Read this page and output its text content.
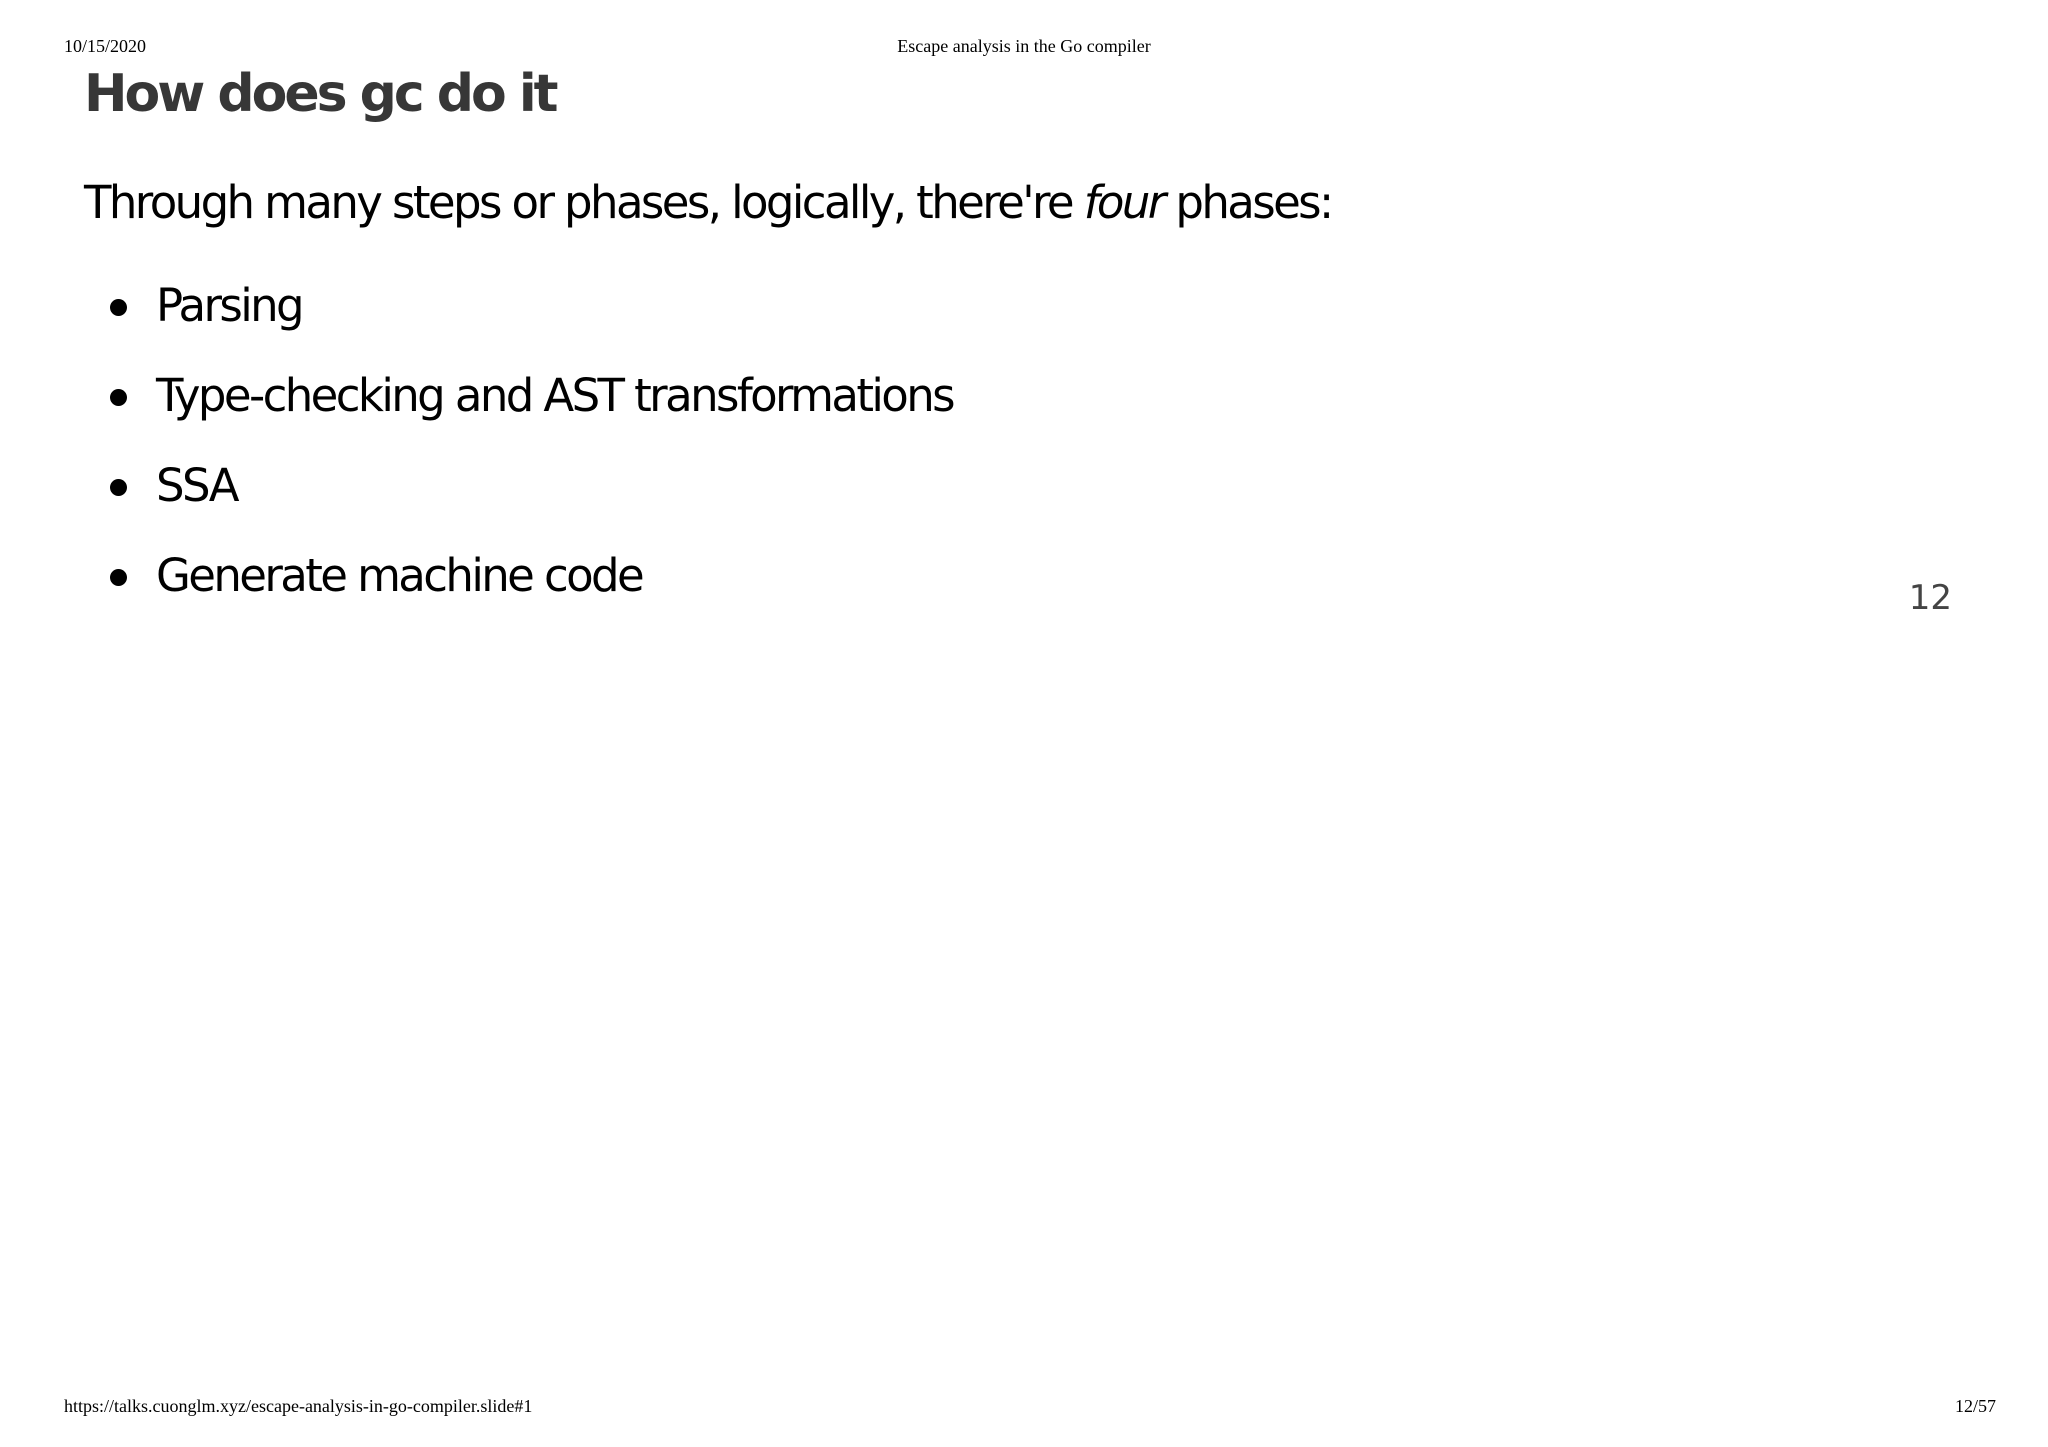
10/15/2020	Escape analysis in the Go compiler
How does gc do it

Through many steps or phases, logically, there're four phases:

Parsing
Type-checking and AST transformations
SSA
Generate machine code	12
https://talks.cuonglm.xyz/escape-analysis-in-go-compiler.slide#1	12/57
